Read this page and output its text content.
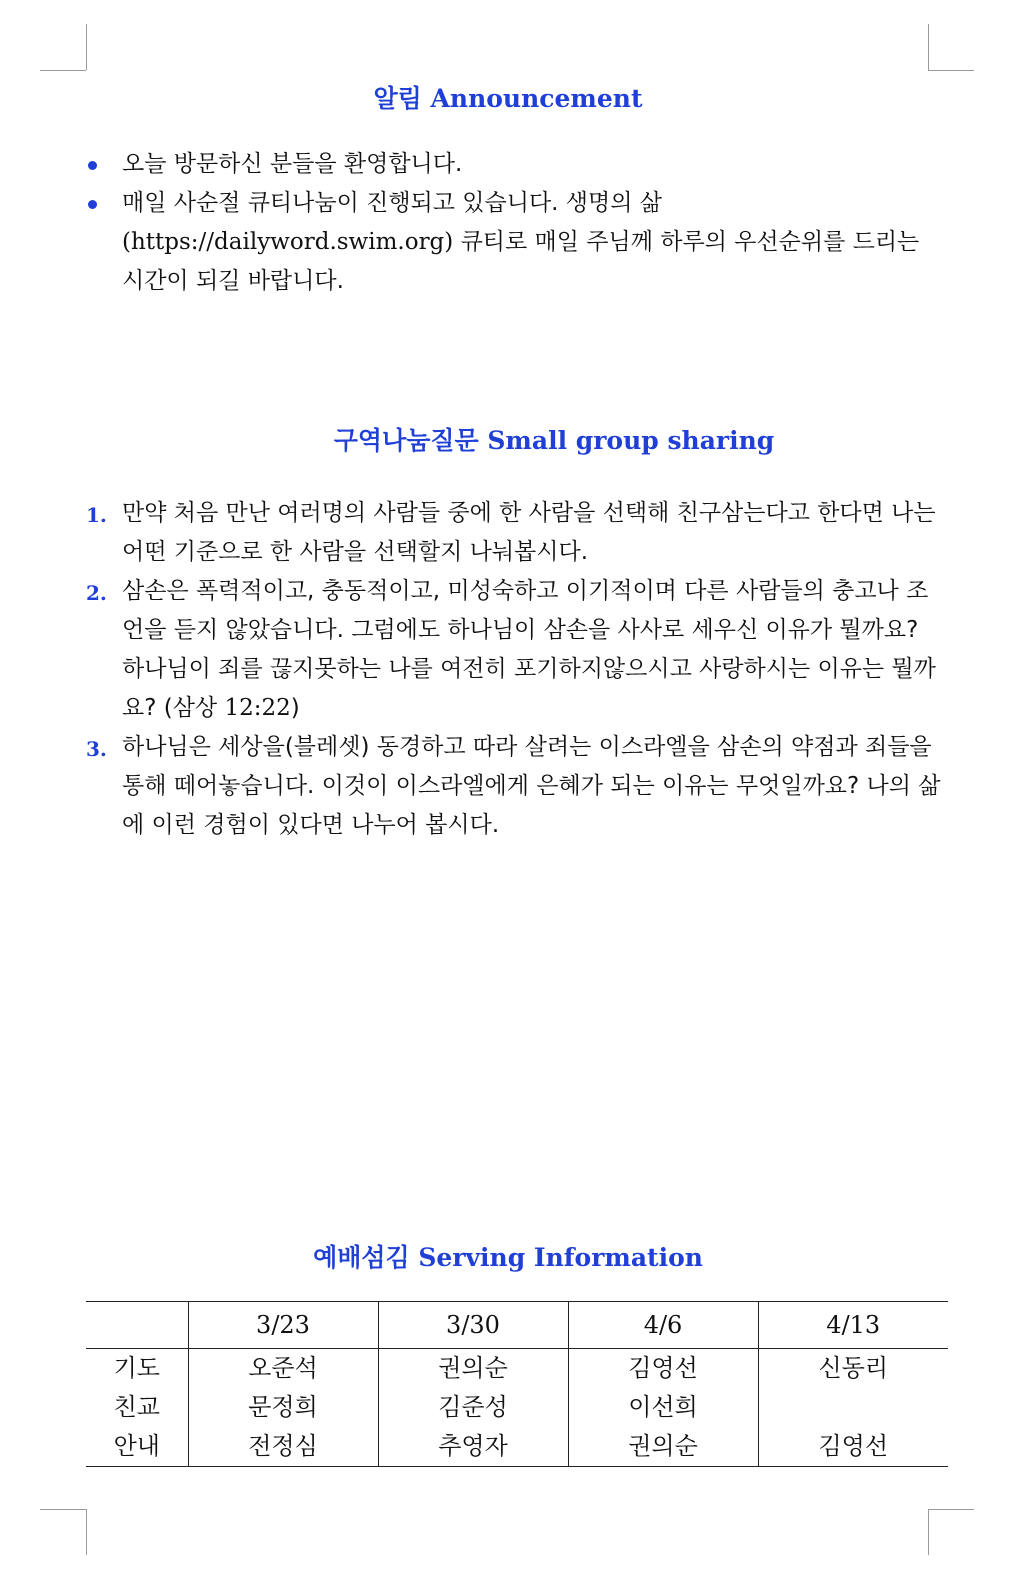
알림 Announcement
오늘 방문하신 분들을 환영합니다.
매일 사순절 큐티나눔이 진행되고 있습니다. 생명의 삶
(https://dailyword.swim.org) 큐티로 매일 주님께 하루의 우선순위를 드리는 시간이 되길 바랍니다.
구역나눔질문 Small group sharing
1. 만약 처음 만난 여러명의 사람들 중에 한 사람을 선택해 친구삼는다고 한다면 나는 어떤 기준으로 한 사람을 선택할지 나눠봅시다.
2. 삼손은 폭력적이고, 충동적이고, 미성숙하고 이기적이며 다른 사람들의 충고나 조언을 듣지 않았습니다. 그럼에도 하나님이 삼손을 사사로 세우신 이유가 뭘까요? 하나님이 죄를 끊지못하는 나를 여전히 포기하지않으시고 사랑하시는 이유는 뭘까요? (삼상 12:22)
3. 하나님은 세상을(블레셋) 동경하고 따라 살려는 이스라엘을 삼손의 약점과 죄들을 통해 떼어놓습니다. 이것이 이스라엘에게 은혜가 되는 이유는 무엇일까요? 나의 삶에 이런 경험이 있다면 나누어 봅시다.
예배섬김 Serving Information
	3/23	3/30	4/6	4/13
기도	오준석	권의순	김영선	신동리
친교	문정희	김준성	이선희	
안내	전정심	추영자	권의순	김영선
